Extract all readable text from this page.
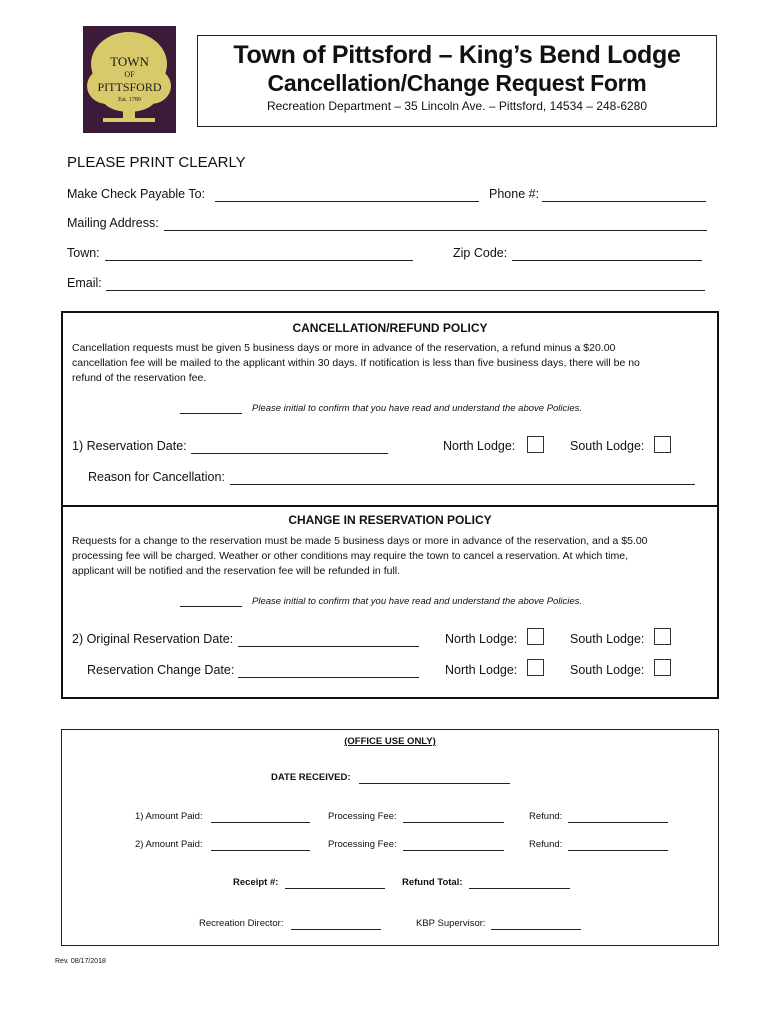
TOWN
OF
PITTSFORD
Est. 1789
Town of Pittsford – King’s Bend Lodge
Cancellation/Change Request Form
Recreation Department – 35 Lincoln Ave. – Pittsford, 14534 – 248-6280
PLEASE PRINT CLEARLY
Make Check Payable To:	Phone #:
Mailing Address:
Town:	Zip Code:
Email:
CANCELLATION/REFUND POLICY
Cancellation requests must be given 5 business days or more in advance of the reservation, a refund minus a $20.00
cancellation fee will be mailed to the applicant within 30 days. If notification is less than five business days, there will be no
refund of the reservation fee.
Please initial to confirm that you have read and understand the above Policies.
1) Reservation Date:	North Lodge:	South Lodge:
Reason for Cancellation:
CHANGE IN RESERVATION POLICY
Requests for a change to the reservation must be made 5 business days or more in advance of the reservation, and a $5.00
processing fee will be charged. Weather or other conditions may require the town to cancel a reservation. At which time,
applicant will be notified and the reservation fee will be refunded in full.
Please initial to confirm that you have read and understand the above Policies.
2) Original Reservation Date:	North Lodge:	South Lodge:
Reservation Change Date:	North Lodge:	South Lodge:
(OFFICE USE ONLY)
DATE RECEIVED:
1) Amount Paid:	Processing Fee:	Refund:
2) Amount Paid:	Processing Fee:	Refund:
Receipt #:	Refund Total:
Recreation Director:	KBP Supervisor:
Rev. 08/17/2018
